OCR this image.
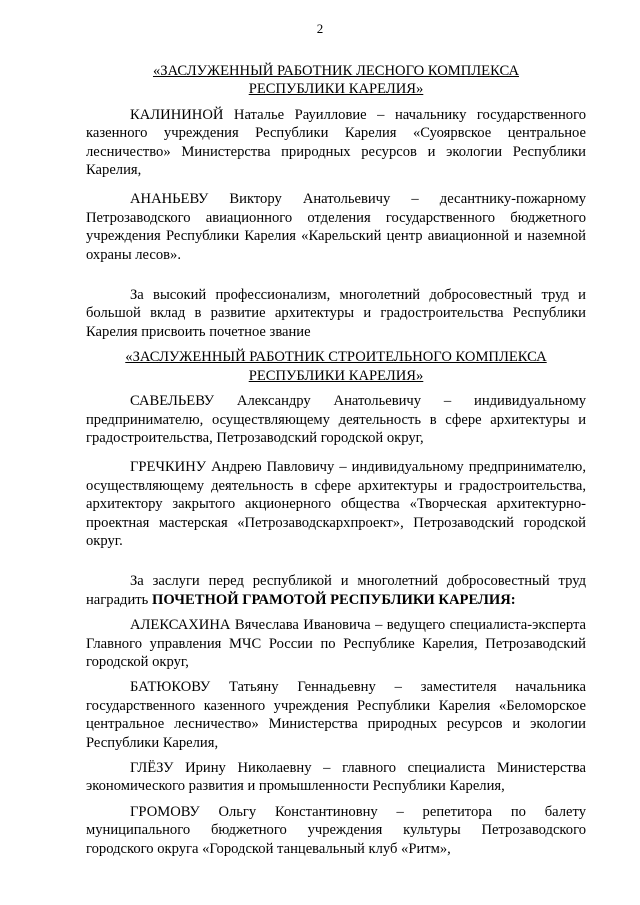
2

«ЗАСЛУЖЕННЫЙ РАБОТНИК ЛЕСНОГО КОМПЛЕКСА

РЕСПУБЛИКИ КАРЕЛИЯ»

КАЛИНИНОЙ Наталье Рауилловие – начальнику государственного казенного учреждения Республики Карелия «Суоярвское центральное лесничество» Министерства природных ресурсов и экологии Республики Карелия,

АНАНЬЕВУ Виктору Анатольевичу – десантнику-пожарному Петрозаводского авиационного отделения государственного бюджетного учреждения Республики Карелия «Карельский центр авиационной и наземной охраны лесов».

За высокий профессионализм, многолетний добросовестный труд и большой вклад в развитие архитектуры и градостроительства Республики Карелия присвоить почетное звание

«ЗАСЛУЖЕННЫЙ РАБОТНИК СТРОИТЕЛЬНОГО КОМПЛЕКСА

РЕСПУБЛИКИ КАРЕЛИЯ»

САВЕЛЬЕВУ Александру Анатольевичу – индивидуальному предпринимателю, осуществляющему деятельность в сфере архитектуры и градостроительства, Петрозаводский городской округ,

ГРЕЧКИНУ Андрею Павловичу – индивидуальному предпринимателю, осуществляющему деятельность в сфере архитектуры и градостроительства, архитектору закрытого акционерного общества «Творческая архитектурно-проектная мастерская «Петрозаводскархпроект», Петрозаводский городской округ.

За заслуги перед республикой и многолетний добросовестный труд наградить ПОЧЕТНОЙ ГРАМОТОЙ РЕСПУБЛИКИ КАРЕЛИЯ:

АЛЕКСАХИНА Вячеслава Ивановича – ведущего специалиста-эксперта Главного управления МЧС России по Республике Карелия, Петрозаводский городской округ,

БАТЮКОВУ Татьяну Геннадьевну – заместителя начальника государственного казенного учреждения Республики Карелия «Беломорское центральное лесничество» Министерства природных ресурсов и экологии Республики Карелия,

ГЛЁЗУ Ирину Николаевну – главного специалиста Министерства экономического развития и промышленности Республики Карелия,

ГРОМОВУ Ольгу Константиновну – репетитора по балету муниципального бюджетного учреждения культуры Петрозаводского городского округа «Городской танцевальный клуб «Ритм»,
